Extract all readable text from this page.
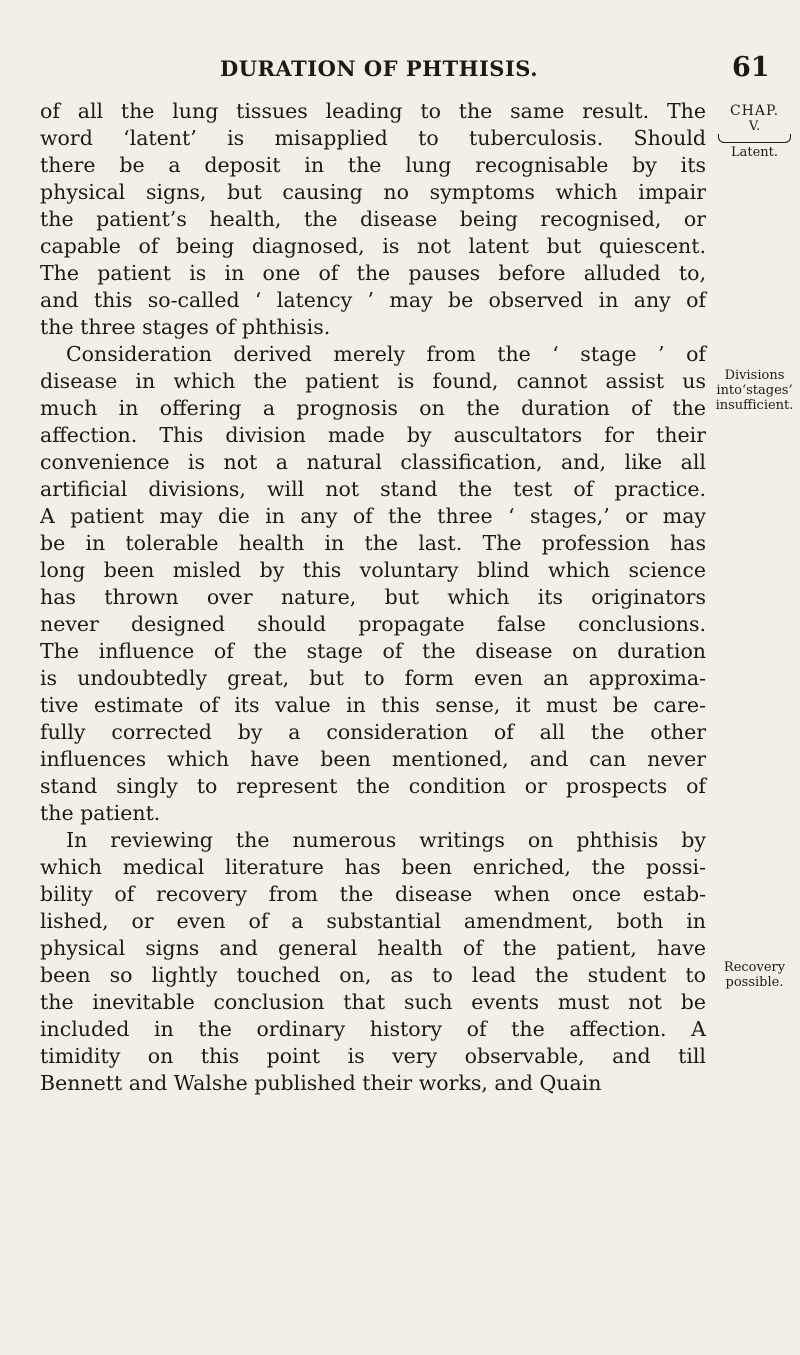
DURATION OF PHTHISIS.	61
CHAP.
V.
Latent.
Divisions
into‘stages’
insufficient.
Recovery
possible.
of all the lung tissues leading to the same result. The
word ‘latent’ is misapplied to tuberculosis. Should
there be a deposit in the lung recognisable by its
physical signs, but causing no symptoms which impair
the patient’s health, the disease being recognised, or
capable of being diagnosed, is not latent but quiescent.
The patient is in one of the pauses before alluded to,
and this so-called ‘ latency ’ may be observed in any of
the three stages of phthisis.
Consideration derived merely from the ‘ stage ’ of
disease in which the patient is found, cannot assist us
much in offering a prognosis on the duration of the
affection. This division made by auscultators for their
convenience is not a natural classification, and, like all
artificial divisions, will not stand the test of practice.
A patient may die in any of the three ‘ stages,’ or may
be in tolerable health in the last. The profession has
long been misled by this voluntary blind which science
has thrown over nature, but which its originators
never designed should propagate false conclusions.
The influence of the stage of the disease on duration
is undoubtedly great, but to form even an approxima-
tive estimate of its value in this sense, it must be care-
fully corrected by a consideration of all the other
influences which have been mentioned, and can never
stand singly to represent the condition or prospects of
the patient.
In reviewing the numerous writings on phthisis by
which medical literature has been enriched, the possi-
bility of recovery from the disease when once estab-
lished, or even of a substantial amendment, both in
physical signs and general health of the patient, have
been so lightly touched on, as to lead the student to
the inevitable conclusion that such events must not be
included in the ordinary history of the affection. A
timidity on this point is very observable, and till
Bennett and Walshe published their works, and Quain
